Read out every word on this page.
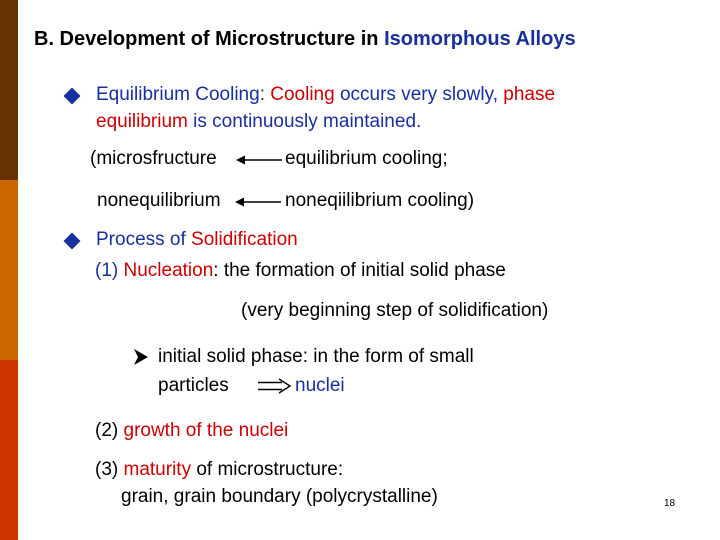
B. Development of Microstructure in Isomorphous Alloys
Equilibrium Cooling: Cooling occurs very slowly, phase
equilibrium is continuously maintained.
(microsfructure	equilibrium cooling;
nonequilibrium	noneqiilibrium cooling)
Process of Solidification
(1) Nucleation: the formation of initial solid phase
(very beginning step of solidification)
initial solid phase: in the form of small
particles	nuclei
(2) growth of the nuclei
(3) maturity of microstructure:
grain, grain boundary (polycrystalline)	18
